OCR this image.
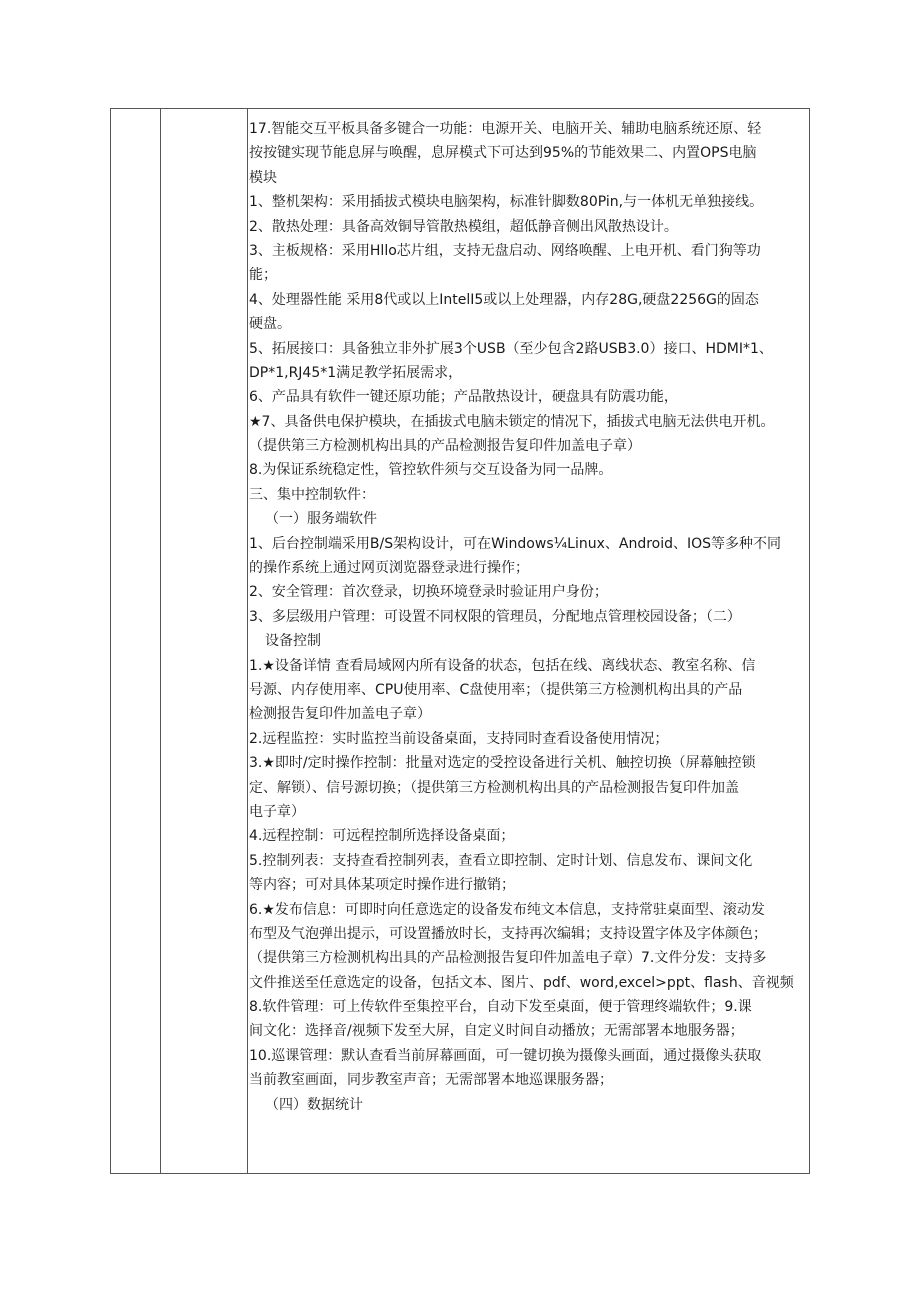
17.智能交互平板具备多键合一功能：电源开关、电脑开关、辅助电脑系统还原、轻
按按键实现节能息屏与唤醒，息屏模式下可达到95%的节能效果二、内置OPS电脑
模块
1、整机架构：采用插拔式模块电脑架构，标准针脚数80Pin,与一体机无单独接线。
2、散热处理：具备高效铜导管散热模组，超低静音侧出风散热设计。
3、主板规格：采用Hllo芯片组，支持无盘启动、网络唤醒、上电开机、看门狗等功
能；
4、处理器性能 采用8代或以上IntelI5或以上处理器，内存28G,硬盘2256G的固态
硬盘。
5、拓展接口：具备独立非外扩展3个USB（至少包含2路USB3.0）接口、HDMI*1、
DP*1,RJ45*1满足教学拓展需求，
6、产品具有软件一键还原功能；产品散热设计，硬盘具有防震功能，
★7、具备供电保护模块，在插拔式电脑未锁定的情况下，插拔式电脑无法供电开机。
（提供第三方检测机构出具的产品检测报告复印件加盖电子章）
8.为保证系统稳定性，管控软件须与交互设备为同一品牌。
三、集中控制软件：
（一）服务端软件
1、后台控制端采用B/S架构设计，可在Windows¼Linux、Android、IOS等多种不同
的操作系统上通过网页浏览器登录进行操作；
2、安全管理：首次登录，切换环境登录时验证用户身份；
3、多层级用户管理：可设置不同权限的管理员，分配地点管理校园设备；（二）
设备控制
1.★设备详情 查看局域网内所有设备的状态，包括在线、离线状态、教室名称、信
号源、内存使用率、CPU使用率、C盘使用率；（提供第三方检测机构出具的产品
检测报告复印件加盖电子章）
2.远程监控：实时监控当前设备桌面，支持同时查看设备使用情况；
3.★即时/定时操作控制：批量对选定的受控设备进行关机、触控切换（屏幕触控锁
定、解锁）、信号源切换；（提供第三方检测机构出具的产品检测报告复印件加盖
电子章）
4.远程控制：可远程控制所选择设备桌面；
5.控制列表：支持查看控制列表，查看立即控制、定时计划、信息发布、课间文化
等内容；可对具体某项定时操作进行撤销；
6.★发布信息：可即时向任意选定的设备发布纯文本信息，支持常驻桌面型、滚动发
布型及气泡弹出提示，可设置播放时长，支持再次编辑；支持设置字体及字体颜色；
（提供第三方检测机构出具的产品检测报告复印件加盖电子章）7.文件分发：支持多
文件推送至任意选定的设备，包括文本、图片、pdf、word,excel>ppt、flash、音视频
8.软件管理：可上传软件至集控平台，自动下发至桌面，便于管理终端软件；9.课
间文化：选择音/视频下发至大屏，自定义时间自动播放；无需部署本地服务器；
10.巡课管理：默认查看当前屏幕画面，可一键切换为摄像头画面，通过摄像头获取
当前教室画面，同步教室声音；无需部署本地巡课服务器；
（四）数据统计
